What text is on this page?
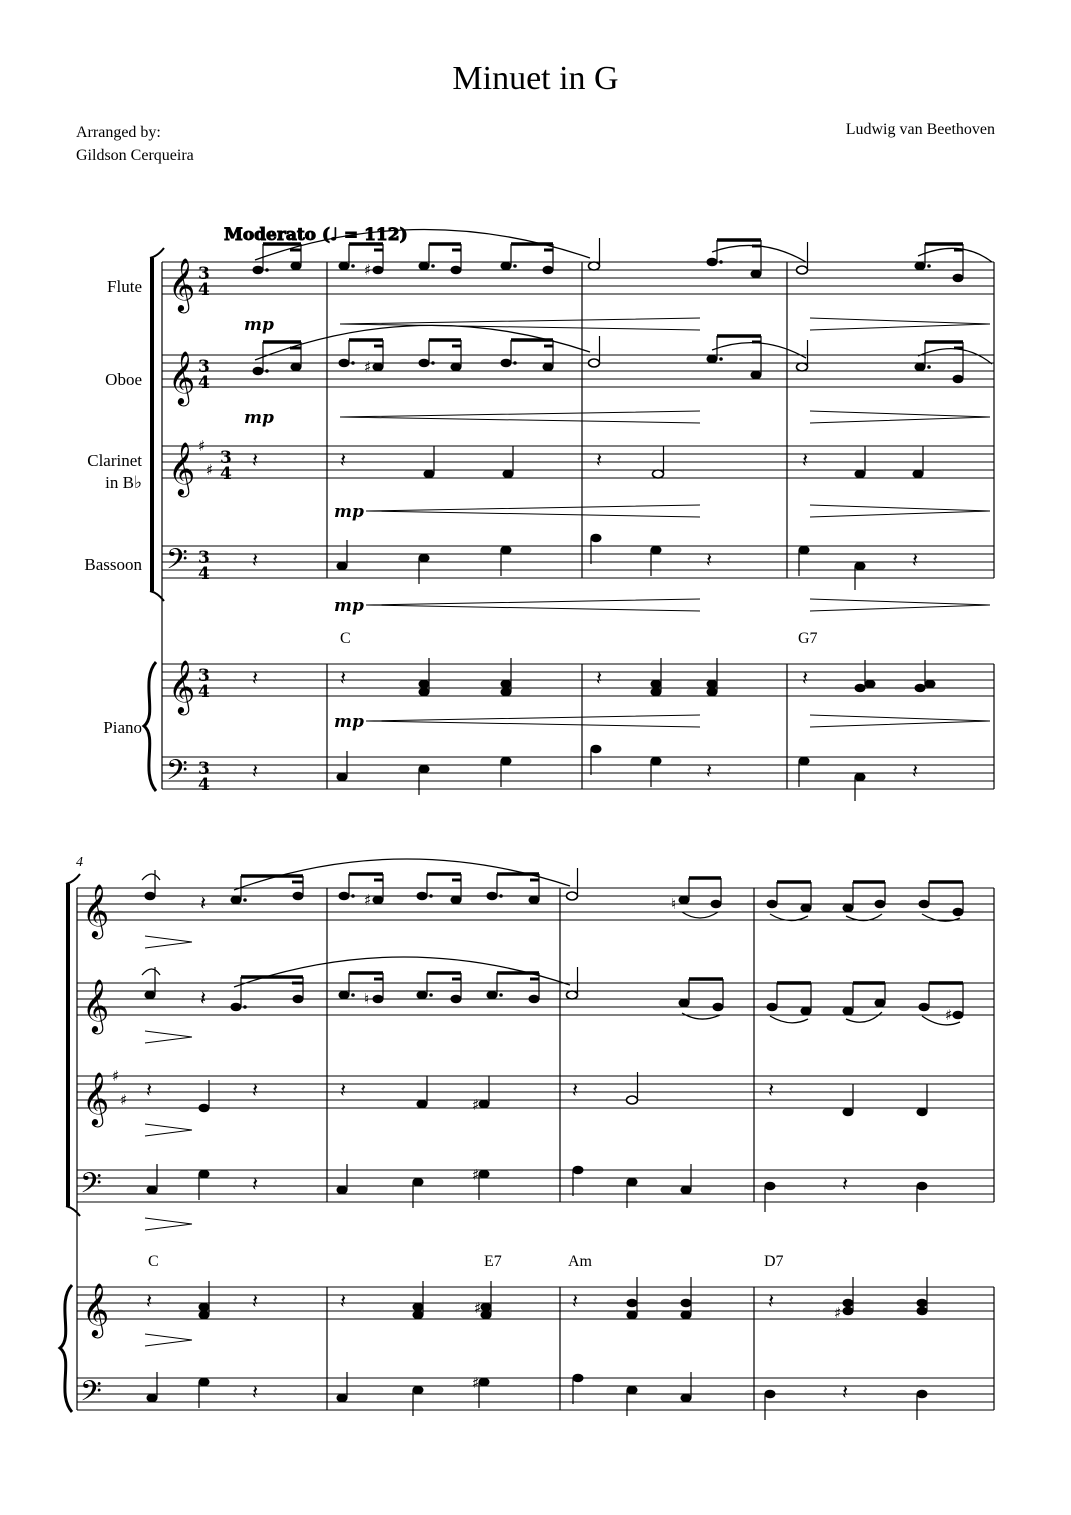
Minuet in G
Arranged by:
Gildson Cerqueira
Ludwig van Beethoven
Moderato (♩ = 112)
Flute
Oboe
Clarinet
in B♭
Bassoon
Piano
𝄞
𝄞
𝄞
𝄢
𝄞
𝄢
♯
♯
3
4
3
4
3
4
3
4
3
4
3
4
mp
mp
mp
mp
mp
C	G7
♯
♯
𝄽	𝄽	𝄽	𝄽
𝄽	𝄽	𝄽
𝄽	𝄽	𝄽	𝄽
𝄽	𝄽	𝄽
4
𝄞
𝄞
𝄞
𝄢
𝄞
𝄢
♯
♯
C	E7	Am	D7
𝄽	♯	♮
𝄽	♮
♯
𝄽	𝄽	𝄽	𝄽	𝄽
♯
𝄽	𝄽
♯
𝄽	𝄽	𝄽	𝄽	𝄽
𝄽	𝄽
♯	♯
♯
